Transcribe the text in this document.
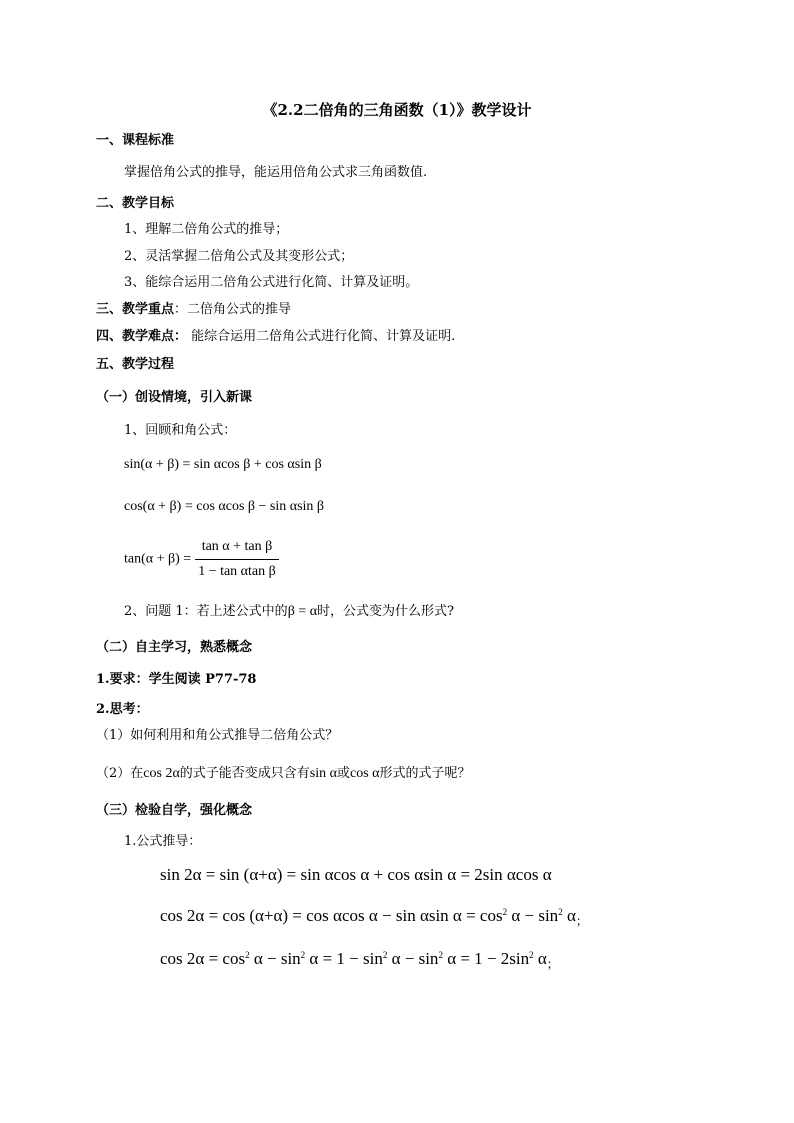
《2.2二倍角的三角函数（1）》教学设计
一、课程标准
掌握倍角公式的推导，能运用倍角公式求三角函数值.
二、教学目标
1、理解二倍角公式的推导；
2、灵活掌握二倍角公式及其变形公式；
3、能综合运用二倍角公式进行化简、计算及证明。
三、教学重点：二倍角公式的推导
四、教学难点： 能综合运用二倍角公式进行化简、计算及证明.
五、教学过程
（一）创设情境，引入新课
1、回顾和角公式：
sin(α + β) = sin αcos β + cos αsin β
cos(α + β) = cos αcos β − sin αsin β
$\tan(\alpha + \beta) = \frac{\text{tan α + tan β}}{\text{1 − tan αtan β}}$
2、问题 1：若上述公式中的β = α时，公式变为什么形式?
（二）自主学习，熟悉概念
1.要求：学生阅读 P77-78
2.思考：
（1）如何利用和角公式推导二倍角公式？
（2）在cos 2α的式子能否变成只含有sin α或cos α形式的式子呢？
（三）检验自学，强化概念
1.公式推导：
sin 2α = sin (α+α) = sin αcos α + cos αsin α = 2sin αcos α
cos 2α = cos (α+α) = cos αcos α − sin αsin $\alpha = \cos^2 \alpha - \sin^2 \alpha_;$
$\cos 2\alpha = \cos^2 \alpha - \sin^2 \alpha = 1 - \sin^2 \alpha - \sin^2 \alpha = 1 - 2\sin^2$ $\alpha_;$
